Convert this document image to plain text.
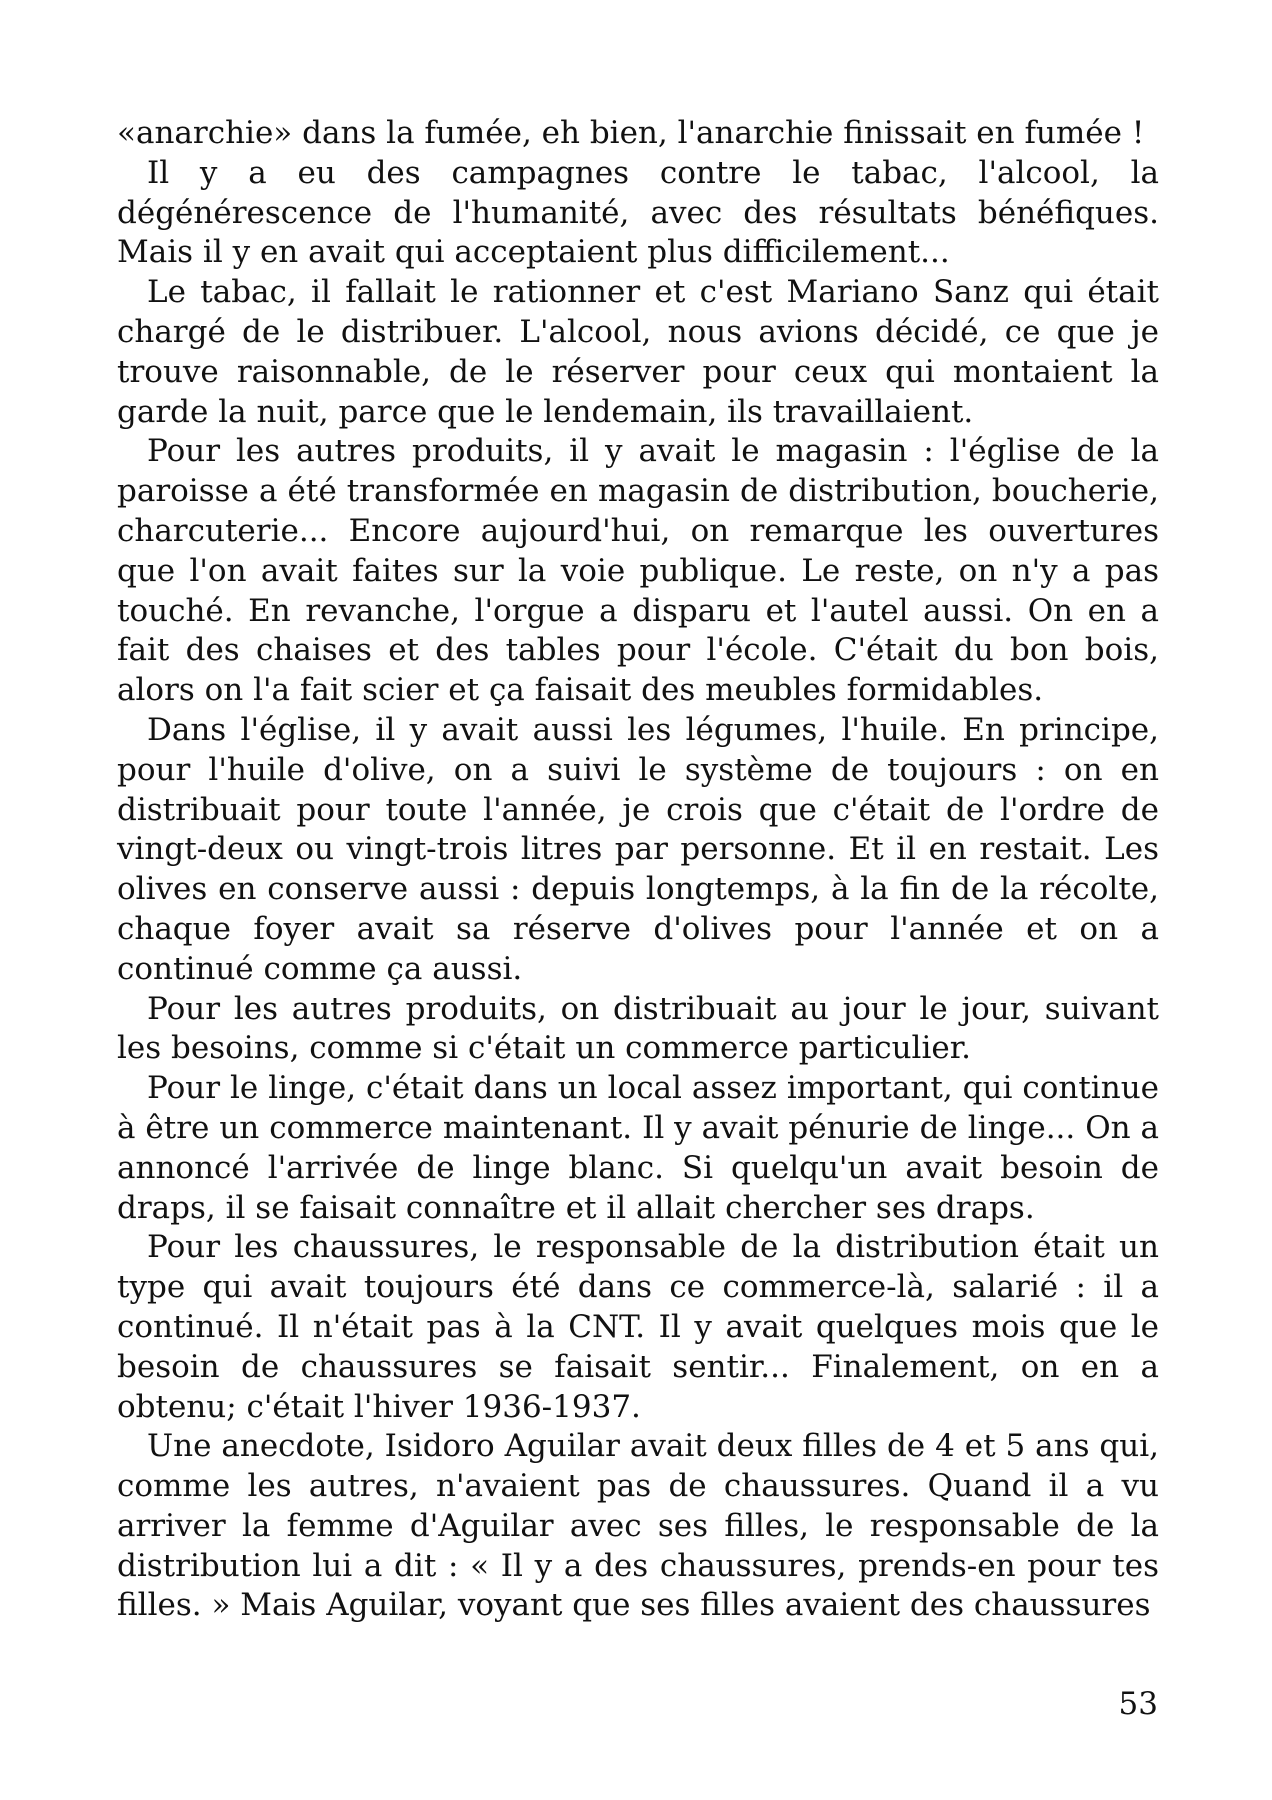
«anarchie» dans la fumée, eh bien, l'anarchie finissait en fumée !

Il y a eu des campagnes contre le tabac, l'alcool, la dégénérescence de l'humanité, avec des résultats bénéfiques. Mais il y en avait qui acceptaient plus difficilement...

Le tabac, il fallait le rationner et c'est Mariano Sanz qui était chargé de le distribuer. L'alcool, nous avions décidé, ce que je trouve raisonnable, de le réserver pour ceux qui montaient la garde la nuit, parce que le lendemain, ils travaillaient.

Pour les autres produits, il y avait le magasin : l'église de la paroisse a été transformée en magasin de distribution, boucherie, charcuterie... Encore aujourd'hui, on remarque les ouvertures que l'on avait faites sur la voie publique. Le reste, on n'y a pas touché. En revanche, l'orgue a disparu et l'autel aussi. On en a fait des chaises et des tables pour l'école. C'était du bon bois, alors on l'a fait scier et ça faisait des meubles formidables.

Dans l'église, il y avait aussi les légumes, l'huile. En principe, pour l'huile d'olive, on a suivi le système de toujours : on en distribuait pour toute l'année, je crois que c'était de l'ordre de vingt-deux ou vingt-trois litres par personne. Et il en restait. Les olives en conserve aussi : depuis longtemps, à la fin de la récolte, chaque foyer avait sa réserve d'olives pour l'année et on a continué comme ça aussi.

Pour les autres produits, on distribuait au jour le jour, suivant les besoins, comme si c'était un commerce particulier.

Pour le linge, c'était dans un local assez important, qui continue à être un commerce maintenant. Il y avait pénurie de linge... On a annoncé l'arrivée de linge blanc. Si quelqu'un avait besoin de draps, il se faisait connaître et il allait chercher ses draps.

Pour les chaussures, le responsable de la distribution était un type qui avait toujours été dans ce commerce-là, salarié : il a continué. Il n'était pas à la CNT. Il y avait quelques mois que le besoin de chaussures se faisait sentir... Finalement, on en a obtenu; c'était l'hiver 1936-1937.

Une anecdote, Isidoro Aguilar avait deux filles de 4 et 5 ans qui, comme les autres, n'avaient pas de chaussures. Quand il a vu arriver la femme d'Aguilar avec ses filles, le responsable de la distribution lui a dit : « Il y a des chaussures, prends-en pour tes filles. » Mais Aguilar, voyant que ses filles avaient des chaussures

53
